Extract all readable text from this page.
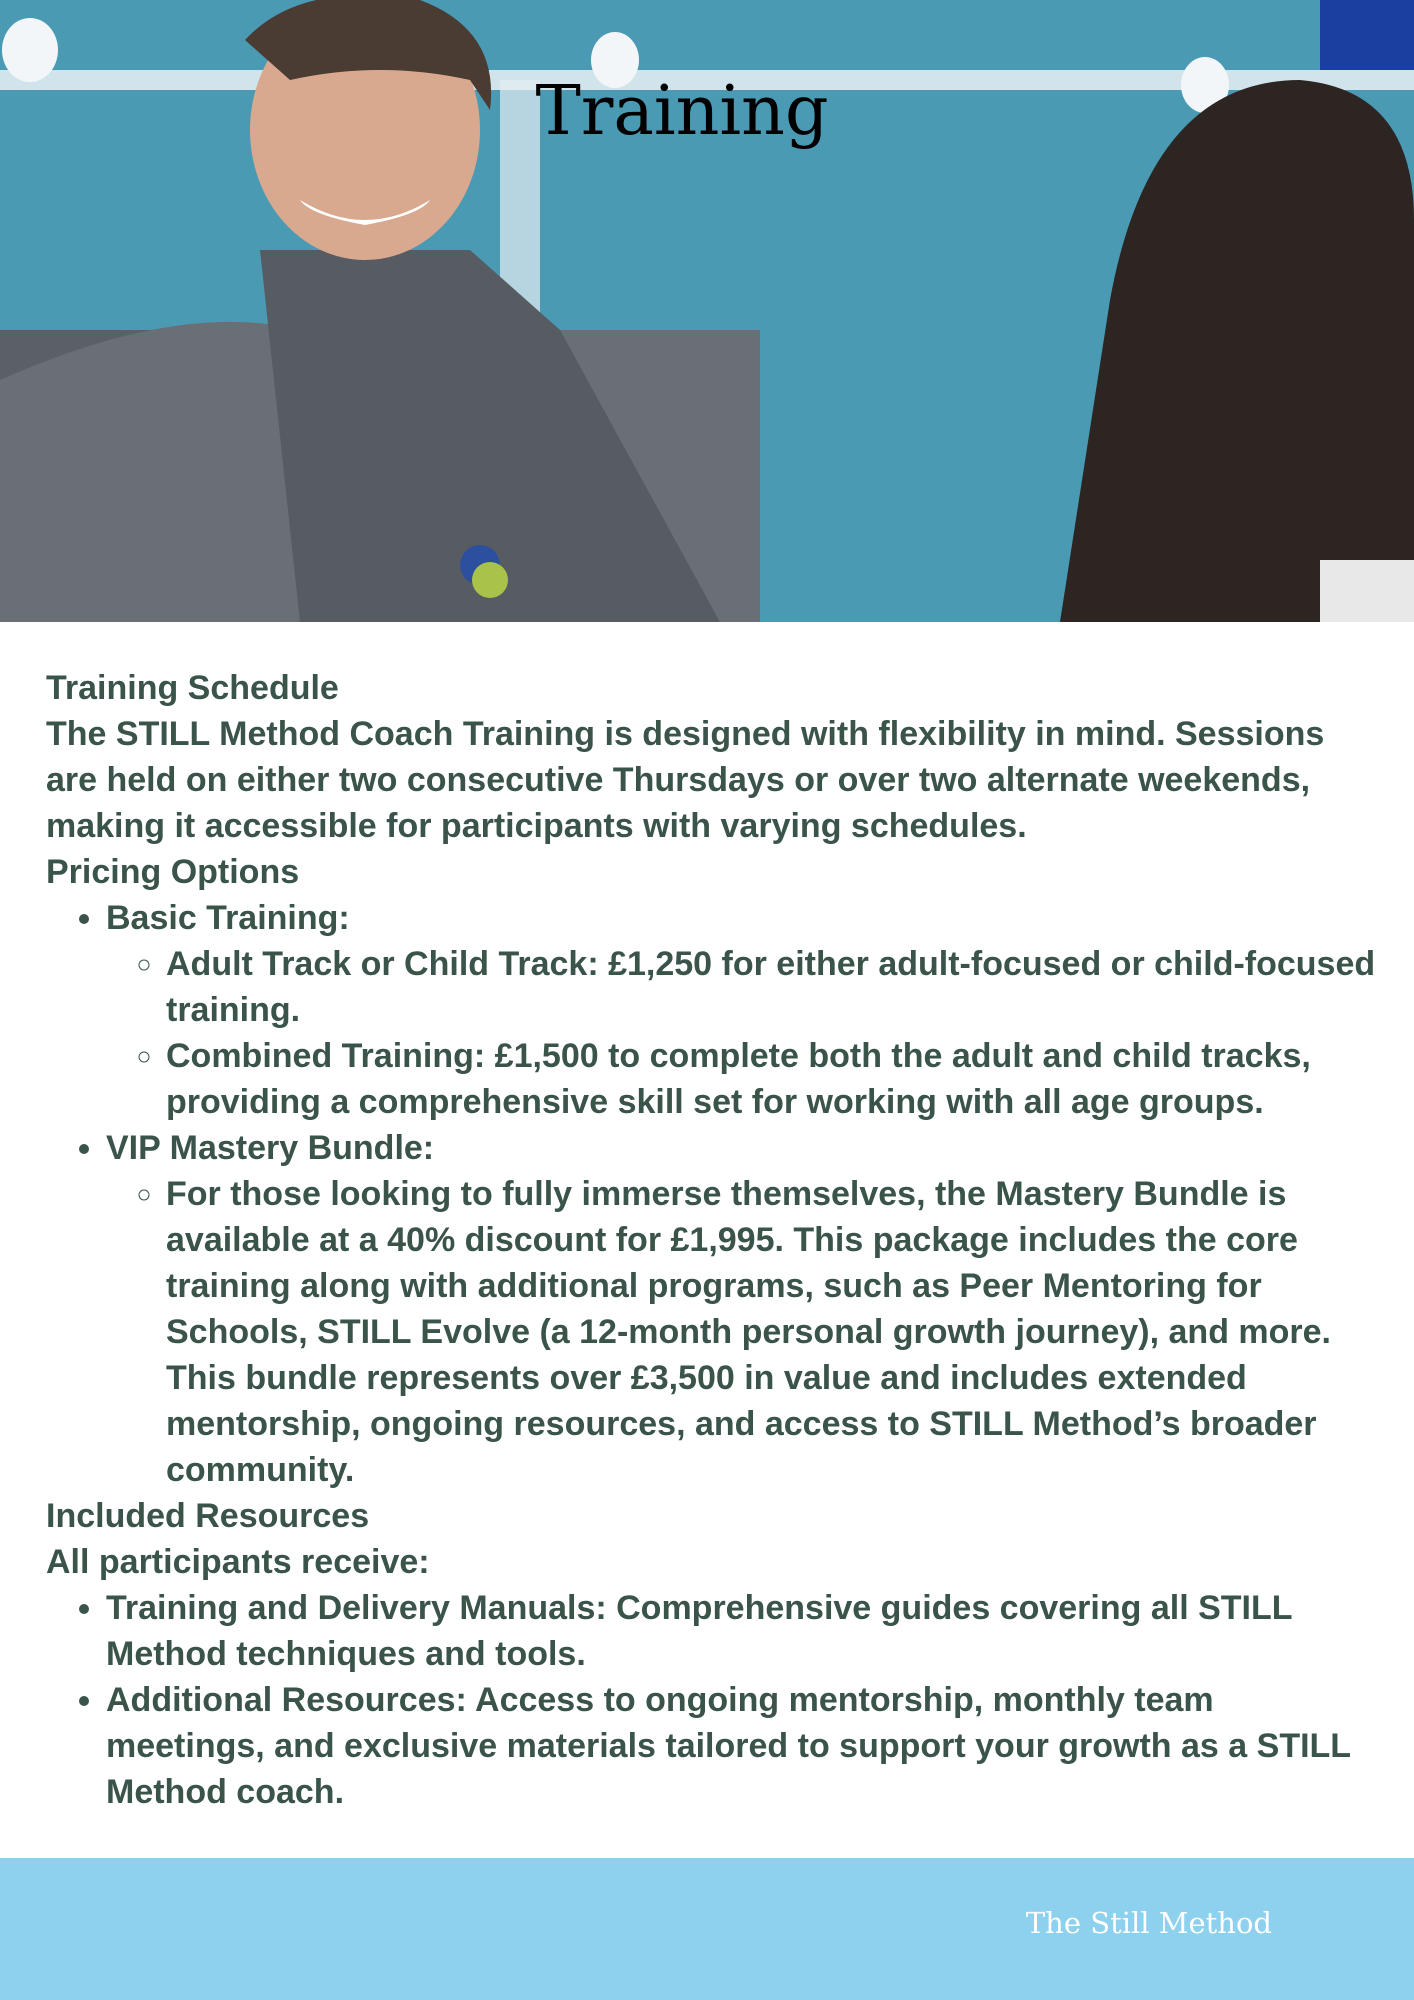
Training
Training Schedule

The STILL Method Coach Training is designed with flexibility in mind. Sessions are held on either two consecutive Thursdays or over two alternate weekends, making it accessible for participants with varying schedules.

Pricing Options
• Basic Training:
◦ Adult Track or Child Track: £1,250 for either adult-focused or child-focused training.
◦ Combined Training: £1,500 to complete both the adult and child tracks, providing a comprehensive skill set for working with all age groups.
• VIP Mastery Bundle:
◦ For those looking to fully immerse themselves, the Mastery Bundle is available at a 40% discount for £1,995. This package includes the core training along with additional programs, such as Peer Mentoring for Schools, STILL Evolve (a 12-month personal growth journey), and more. This bundle represents over £3,500 in value and includes extended mentorship, ongoing resources, and access to STILL Method’s broader community.
Included Resources

All participants receive:

• Training and Delivery Manuals: Comprehensive guides covering all STILL Method techniques and tools.
• Additional Resources: Access to ongoing mentorship, monthly team meetings, and exclusive materials tailored to support your growth as a STILL Method coach.
The Still Method
